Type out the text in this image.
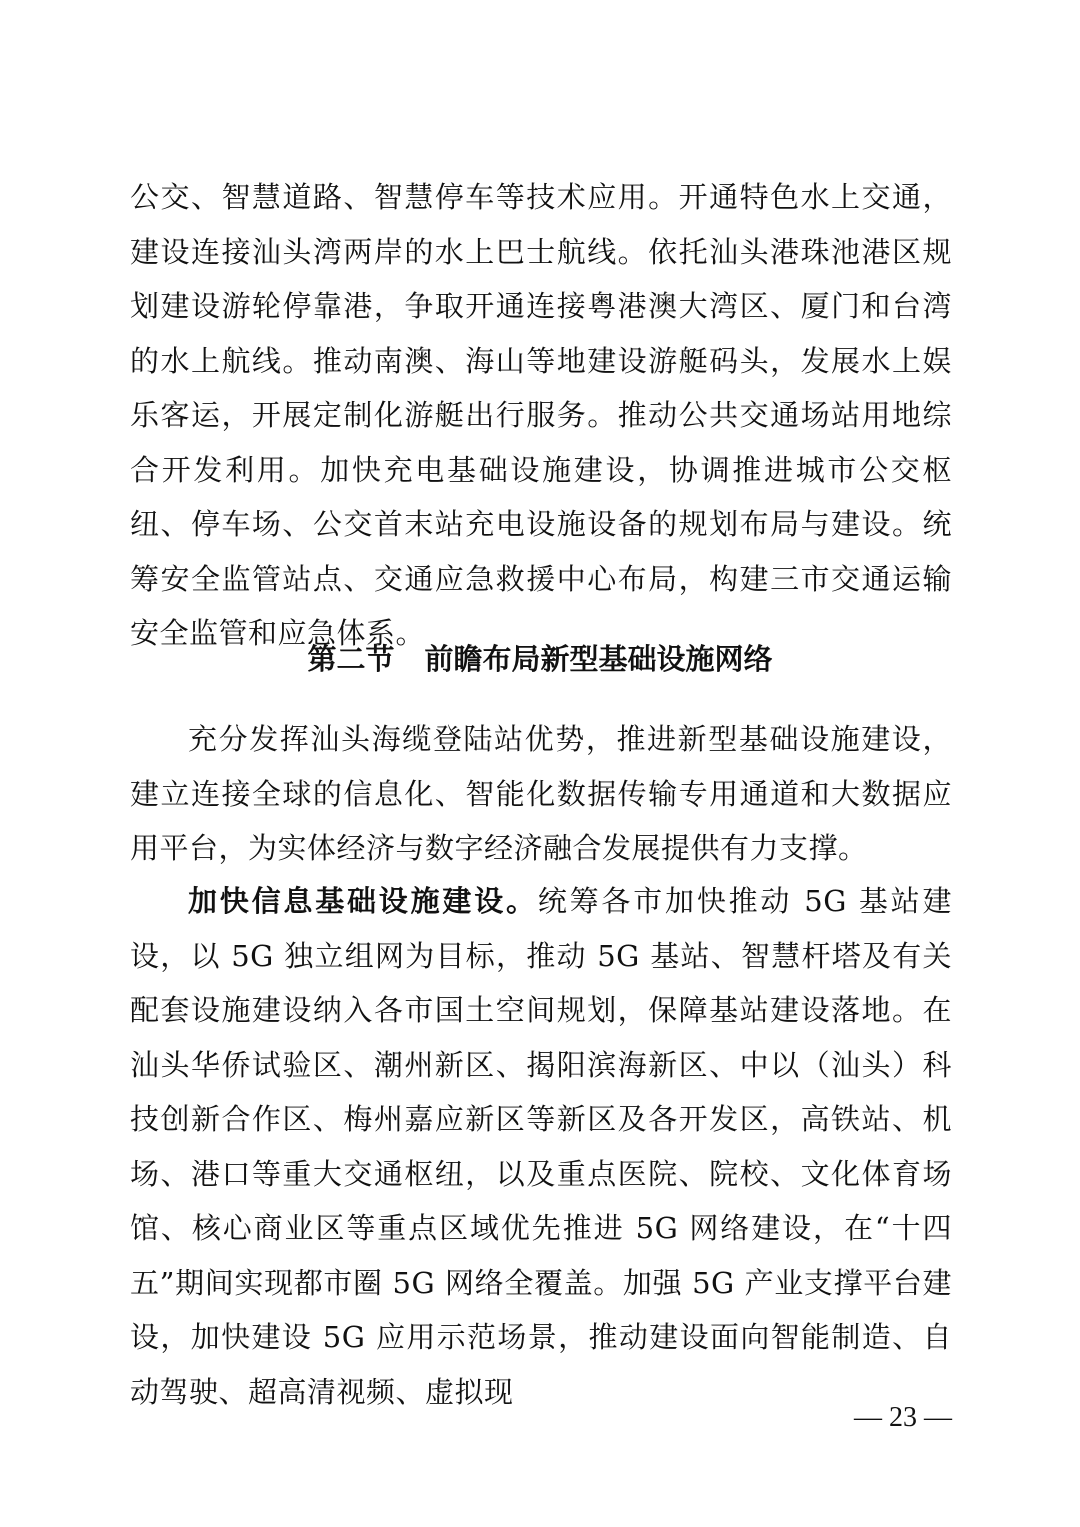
公交、智慧道路、智慧停车等技术应用。开通特色水上交通，建设连接汕头湾两岸的水上巴士航线。依托汕头港珠池港区规划建设游轮停靠港，争取开通连接粤港澳大湾区、厦门和台湾的水上航线。推动南澳、海山等地建设游艇码头，发展水上娱乐客运，开展定制化游艇出行服务。推动公共交通场站用地综合开发利用。加快充电基础设施建设，协调推进城市公交枢纽、停车场、公交首末站充电设施设备的规划布局与建设。统筹安全监管站点、交通应急救援中心布局，构建三市交通运输安全监管和应急体系。

第二节 前瞻布局新型基础设施网络

充分发挥汕头海缆登陆站优势，推进新型基础设施建设，建立连接全球的信息化、智能化数据传输专用通道和大数据应用平台，为实体经济与数字经济融合发展提供有力支撑。

加快信息基础设施建设。统筹各市加快推动 5G 基站建设，以 5G 独立组网为目标，推动 5G 基站、智慧杆塔及有关配套设施建设纳入各市国土空间规划，保障基站建设落地。在汕头华侨试验区、潮州新区、揭阳滨海新区、中以（汕头）科技创新合作区、梅州嘉应新区等新区及各开发区，高铁站、机场、港口等重大交通枢纽，以及重点医院、院校、文化体育场馆、核心商业区等重点区域优先推进 5G 网络建设，在“十四五”期间实现都市圈 5G 网络全覆盖。加强 5G 产业支撑平台建设，加快建设 5G 应用示范场景，推动建设面向智能制造、自动驾驶、超高清视频、虚拟现

— 23 —
